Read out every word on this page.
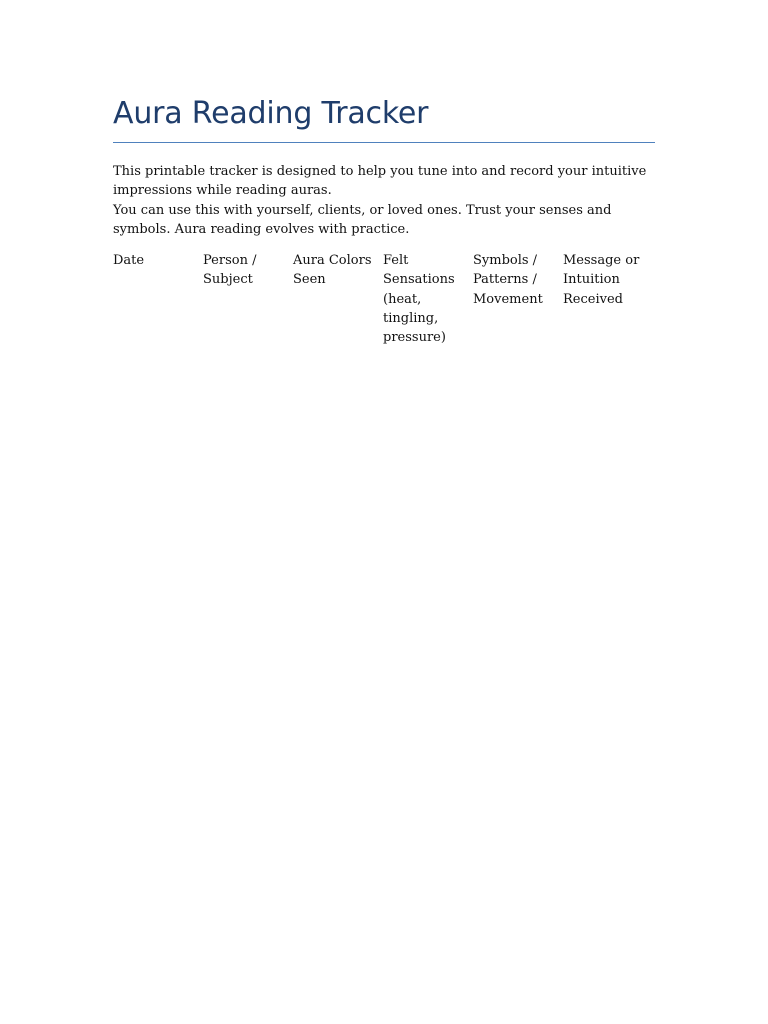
Aura Reading Tracker

This printable tracker is designed to help you tune into and record your intuitive impressions while reading auras.

You can use this with yourself, clients, or loved ones. Trust your senses and symbols. Aura reading evolves with practice.

Date	Person / Subject	Aura Colors Seen	Felt Sensations (heat, tingling, pressure)	Symbols / Patterns / Movement	Message or Intuition Received
